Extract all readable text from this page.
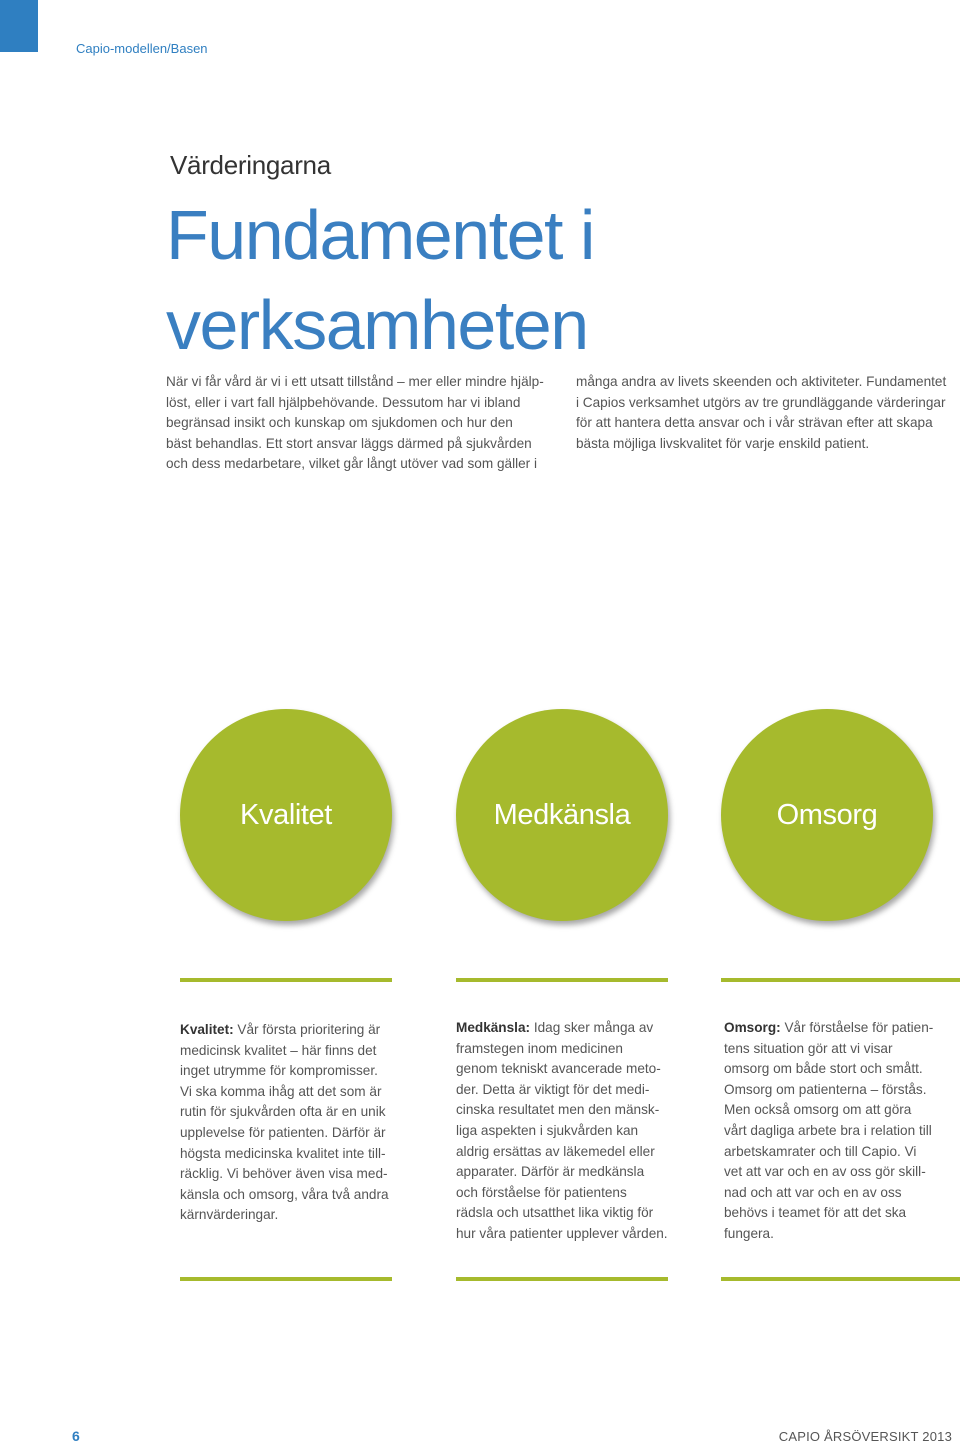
Capio-modellen/Basen
Värderingarna
Fundamentet i
verksamheten

När vi får vård är vi i ett utsatt tillstånd – mer eller mindre hjälp-

löst, eller i vart fall hjälpbehövande. Dessutom har vi ibland

begränsad insikt och kunskap om sjukdomen och hur den

bäst behandlas. Ett stort ansvar läggs därmed på sjukvården

och dess medarbetare, vilket går långt utöver vad som gäller i

många andra av livets skeenden och aktiviteter. Fundamentet

i Capios verksamhet utgörs av tre grundläggande värderingar

för att hantera detta ansvar och i vår strävan efter att skapa

bästa möjliga livskvalitet för varje enskild patient.

Kvalitet	Medkänsla	Omsorg

Kvalitet: Vår första prioritering är

medicinsk kvalitet – här finns det

inget utrymme för kompromisser.

Vi ska komma ihåg att det som är

rutin för sjukvården ofta är en unik

upplevelse för patienten. Därför är

högsta medicinska kvalitet inte till-

räcklig. Vi behöver även visa med-

känsla och omsorg, våra två andra

kärnvärderingar.

Medkänsla: Idag sker många av

framstegen inom medicinen

genom tekniskt avancerade meto-

der. Detta är viktigt för det medi-

cinska resultatet men den mänsk-

liga aspekten i sjukvården kan

aldrig ersättas av läkemedel eller

apparater. Därför är medkänsla

och förståelse för patientens

rädsla och utsatthet lika viktig för

hur våra patienter upplever vården.

Omsorg: Vår förståelse för patien-

tens situation gör att vi visar

omsorg om både stort och smått.

Omsorg om patienterna – förstås.

Men också omsorg om att göra

vårt dagliga arbete bra i relation till

arbetskamrater och till Capio. Vi

vet att var och en av oss gör skill-

nad och att var och en av oss

behövs i teamet för att det ska

fungera.

6	CAPIO ÅRSÖVERSIKT 2013
